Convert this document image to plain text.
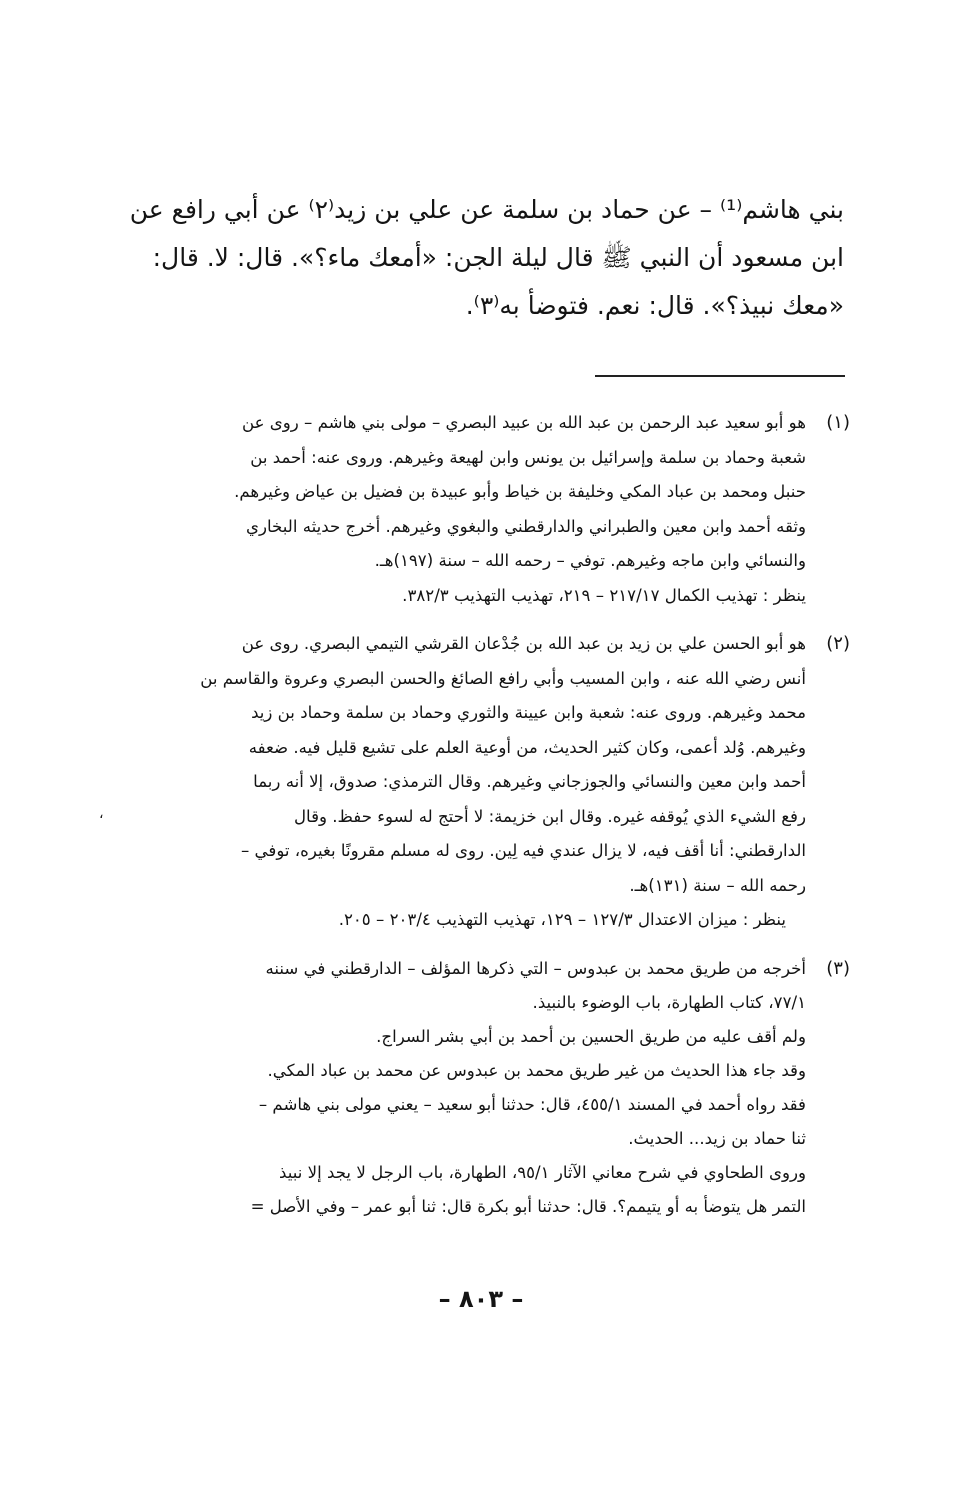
بني هاشم⁽¹⁾ – عن حماد بن سلمة عن علي بن زيد⁽٢⁾ عن أبي رافع عن

ابن مسعود أن النبي ﷺ قال ليلة الجن: «أمعك ماء؟». قال: لا. قال:

«معك نبيذ؟». قال: نعم. فتوضأ به⁽٣⁾.

(١)
هو أبو سعيد عبد الرحمن بن عبد الله بن عبيد البصري – مولى بني هاشم – روى عن
شعبة وحماد بن سلمة وإسرائيل بن يونس وابن لهيعة وغيرهم. وروى عنه: أحمد بن
حنبل ومحمد بن عباد المكي وخليفة بن خياط وأبو عبيدة بن فضيل بن عياض وغيرهم.
وثقه أحمد وابن معين والطبراني والدارقطني والبغوي وغيرهم. أخرج حديثه البخاري
والنسائي وابن ماجه وغيرهم. توفي – رحمه الله – سنة (١٩٧)هـ.
ينظر : تهذيب الكمال ٢١٧/١٧ – ٢١٩، تهذيب التهذيب ٣٨٢/٣.
(٢)
هو أبو الحسن علي بن زيد بن عبد الله بن جُدْعان القرشي التيمي البصري. روى عن
أنس رضي الله عنه ، وابن المسيب وأبي رافع الصائغ والحسن البصري وعروة والقاسم بن
محمد وغيرهم. وروى عنه: شعبة وابن عيينة والثوري وحماد بن سلمة وحماد بن زيد
وغيرهم. وُلد أعمى، وكان كثير الحديث، من أوعية العلم على تشيع قليل فيه. ضعفه
أحمد وابن معين والنسائي والجوزجاني وغيرهم. وقال الترمذي: صدوق، إلا أنه ربما
رفع الشيء الذي يُوقفه غيره. وقال ابن خزيمة: لا أحتج له لسوء حفظ. وقال
الدارقطني: أنا أقف فيه، لا يزال عندي فيه لِين. روى له مسلم مقرونًا بغيره، توفي –
رحمه الله – سنة (١٣١)هـ.
ينظر : ميزان الاعتدال ١٢٧/٣ – ١٢٩، تهذيب التهذيب ٢٠٣/٤ – ٢٠٥.
(٣)
أخرجه من طريق محمد بن عبدوس – التي ذكرها المؤلف – الدارقطني في سننه
٧٧/١، كتاب الطهارة، باب الوضوء بالنبيذ.
ولم أقف عليه من طريق الحسين بن أحمد بن أبي بشر السراج.
وقد جاء هذا الحديث من غير طريق محمد بن عبدوس عن محمد بن عباد المكي.
فقد رواه أحمد في المسند ٤٥٥/١، قال: حدثنا أبو سعيد – يعني مولى بني هاشم –
ثنا حماد بن زيد... الحديث.
وروى الطحاوي في شرح معاني الآثار ٩٥/١، الطهارة، باب الرجل لا يجد إلا نبيذ
التمر هل يتوضأ به أو يتيمم؟. قال: حدثنا أبو بكرة قال: ثنا أبو عمر – وفي الأصل =
،
– ٨٠٣ –
